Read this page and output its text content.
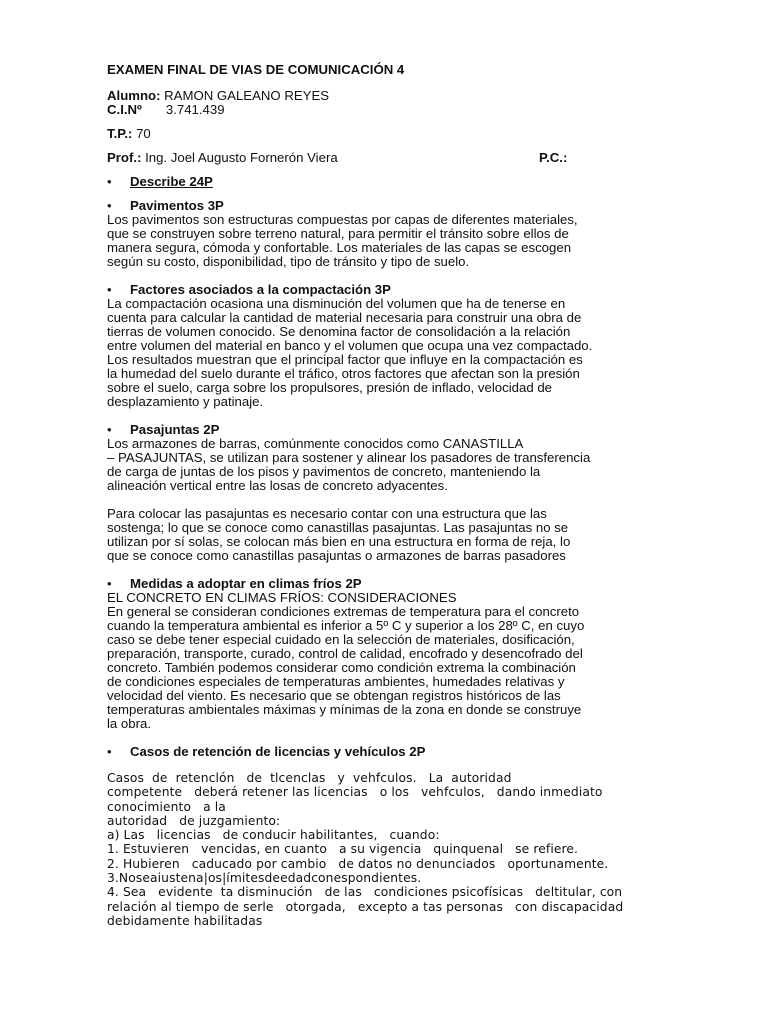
EXAMEN FINAL DE VIAS DE COMUNICACIÓN 4

Alumno: RAMON GALEANO REYES

C.I.Nº 3.741.439

T.P.: 70

Prof.: Ing. Joel Augusto Fornerón Viera	P.C.:

• Describe 24P

• Pavimentos 3P

Los pavimentos son estructuras compuestas por capas de diferentes materiales,

que se construyen sobre terreno natural, para permitir el tránsito sobre ellos de

manera segura, cómoda y confortable. Los materiales de las capas se escogen

según su costo, disponibilidad, tipo de tránsito y tipo de suelo.

• Factores asociados a la compactación 3P

La compactación ocasiona una disminución del volumen que ha de tenerse en

cuenta para calcular la cantidad de material necesaria para construir una obra de

tierras de volumen conocido. Se denomina factor de consolidación a la relación

entre volumen del material en banco y el volumen que ocupa una vez compactado.

Los resultados muestran que el principal factor que influye en la compactación es

la humedad del suelo durante el tráfico, otros factores que afectan son la presión

sobre el suelo, carga sobre los propulsores, presión de inflado, velocidad de

desplazamiento y patinaje.

• Pasajuntas 2P

Los armazones de barras, comúnmente conocidos como CANASTILLA

– PASAJUNTAS, se utilizan para sostener y alinear los pasadores de transferencia

de carga de juntas de los pisos y pavimentos de concreto, manteniendo la

alineación vertical entre las losas de concreto adyacentes.

Para colocar las pasajuntas es necesario contar con una estructura que las

sostenga; lo que se conoce como canastillas pasajuntas. Las pasajuntas no se

utilizan por sí solas, se colocan más bien en una estructura en forma de reja, lo

que se conoce como canastillas pasajuntas o armazones de barras pasadores

• Medidas a adoptar en climas fríos 2P

EL CONCRETO EN CLIMAS FRÍOS: CONSIDERACIONES

En general se consideran condiciones extremas de temperatura para el concreto

cuando la temperatura ambiental es inferior a 5º C y superior a los 28º C, en cuyo

caso se debe tener especial cuidado en la selección de materiales, dosificación,

preparación, transporte, curado, control de calidad, encofrado y desencofrado del

concreto. También podemos considerar como condición extrema la combinación

de condiciones especiales de temperaturas ambientes, humedades relativas y

velocidad del viento. Es necesario que se obtengan registros históricos de las

temperaturas ambientales máximas y mínimas de la zona en donde se construye

la obra.

• Casos de retención de licencias y vehículos 2P

Casos  de  retenclón   de  tlcenclas   y  vehfculos.   La  autoridad

competente   deberá retener las licencias   o los   vehfculos,   dando inmediato

conocimiento   a la

autoridad   de juzgamiento:

a) Las   licencias   de conducir habilitantes,   cuando:

1. Estuvieren   vencidas, en cuanto   a su vigencia   quinquenal   se refiere.

2. Hubieren   caducado por cambio   de datos no denunciados   oportunamente.

3.Noseaiustena|os|ímitesdeedadconespondientes.

4. Sea   evidente  ta disminución   de las   condiciones psicofísicas   deltitular, con

relación al tiempo de serle   otorgada,   excepto a tas personas   con discapacidad

debidamente habilitadas
